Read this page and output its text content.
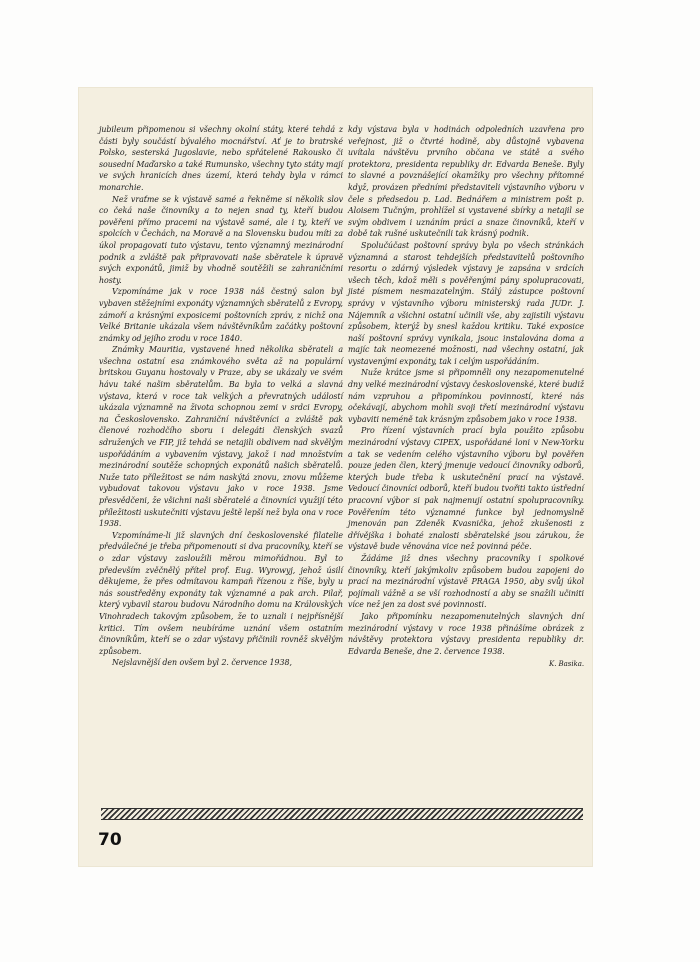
jubileum připomenou si všechny okolní státy, které tehdá z části byly součástí bývalého mocnářství. Ať je to bratrské Polsko, sesterská Jugoslavie, nebo spřátelené Rakousko či sousední Maďarsko a také Rumunsko, všechny tyto státy mají ve svých hranicích dnes území, která tehdy byla v rámci monarchie.

Než vraťme se k výstavě samé a řekněme si několik slov co čeká naše činovníky a to nejen snad ty, kteří budou pověřeni přímo pracemi na výstavě samé, ale i ty, kteří ve spolcích v Čechách, na Moravě a na Slovensku budou míti za úkol propagovati tuto výstavu, tento významný mezinárodní podnik a zvláště pak připravovati naše sběratele k úpravě svých exponátů, jimiž by vhodně soutěžili se zahraničními hosty.

Vzpomínáme jak v roce 1938 náš čestný salon byl vybaven stěžejními exponáty významných sběratelů z Evropy, zámoří a krásnými exposicemi poštovních zpráv, z nichž ona Velké Britanie ukázala všem návštěvníkům začátky poštovní známky od jejího zrodu v roce 1840.

Známky Mauritia, vystavené hned několika sběrateli a všechna ostatní esa známkového světa až na populární britskou Guyanu hostovaly v Praze, aby se ukázaly ve svém hávu také našim sběratelům. Ba byla to velká a slavná výstava, která v roce tak velkých a převratných událostí ukázala významně na života schopnou zemi v srdci Evropy, na Československo. Zahraniční návštěvníci a zvláště pak členové rozhodčího sboru i delegáti členských svazů sdružených ve FIP, již tehdá se netajili obdivem nad skvělým uspořádáním a vybavením výstavy, jakož i nad množstvím mezinárodní soutěže schopných exponátů našich sběratelů. Nuže tato příležitost se nám naskýtá znovu, znovu můžeme vybudovat takovou výstavu jako v roce 1938. Jsme přesvědčeni, že všichni naši sběratelé a činovníci využijí této příležitosti uskutečniti výstavu ještě lepší než byla ona v roce 1938.

Vzpomínáme-li již slavných dní československé filatelie předválečné je třeba připomenouti si dva pracovníky, kteří se o zdar výstavy zasloužili měrou mimořádnou. Byl to především zvěčnělý přítel prof. Eug. Wyrowyj, jehož úsilí děkujeme, že přes odmítavou kampaň řízenou z říše, byly u nás soustředěny exponáty tak významné a pak arch. Pilař, který vybavil starou budovu Národního domu na Královských Vinohradech takovým způsobem, že to uznali i nejpřísnější kritici. Tím ovšem neubíráme uznání všem ostatním činovníkům, kteří se o zdar výstavy přičinili rovněž skvělým způsobem.

Nejslavnější den ovšem byl 2. července 1938,

kdy výstava byla v hodinách odpoledních uzavřena pro veřejnost, již o čtvrté hodině, aby důstojně vybavena uvítala návštěvu prvního občana ve státě a svého protektora, presidenta republiky dr. Edvarda Beneše. Byly to slavné a povznášející okamžiky pro všechny přítomné když, provázen předními představiteli výstavního výboru v čele s předsedou p. Lad. Bednářem a ministrem pošt p. Aloisem Tučným, prohlížel si vystavené sbírky a netajil se svým obdivem i uznáním práci a snaze činovníků, kteří v době tak rušné uskutečnili tak krásný podnik.

Spolučúčast poštovní správy byla po všech stránkách významná a starost tehdejších představitelů poštovního resortu o zdárný výsledek výstavy je zapsána v srdcích všech těch, kdož měli s pověřenými pány spolupracovati, jisté písmem nesmazatelným. Stálý zástupce poštovní správy v výstavního výboru ministerský rada JUDr. J. Nájemník a všichni ostatní učinili vše, aby zajistili výstavu způsobem, kterýž by snesl každou kritiku. Také exposice naší poštovní správy vynikala, jsouc instalována doma a majíc tak neomezené možnosti, nad všechny ostatní, jak vystavenými exponáty, tak i celým uspořádáním.

Nuže krátce jsme si připomněli ony nezapomenutelné dny velké mezinárodní výstavy československé, které budiž nám vzpruhou a připomínkou povinností, které nás očekávají, abychom mohli svoji třetí mezinárodní výstavu vybaviti neméně tak krásným způsobem jako v roce 1938.

Pro řízení výstavních prací byla použito způsobu mezinárodní výstavy CIPEX, uspořádané loni v New-Yorku a tak se vedením celého výstavního výboru byl pověřen pouze jeden člen, který jmenuje vedoucí činovníky odborů, kterých bude třeba k uskutečnění prací na výstavě. Vedoucí činovníci odborů, kteří budou tvořiti takto ústřední pracovní výbor si pak najmenují ostatní spolupracovníky. Pověřením této významné funkce byl jednomyslně jmenován pan Zdeněk Kvasnička, jehož zkušenosti z dřívějška i bohaté znalosti sběratelské jsou zárukou, že výstavě bude věnována vice než povinná péče.

Žádáme již dnes všechny pracovníky i spolkové činovníky, kteří jakýmkoliv způsobem budou zapojeni do prací na mezinárodní výstavě PRAGA 1950, aby svůj úkol pojímali vážně a se vší rozhodností a aby se snažili učiniti více než jen za dost své povinnosti.

Jako připomínku nezapomenutelných slavných dní mezinárodní výstavy v roce 1938 přinášíme obrázek z návštěvy protektora výstavy presidenta republiky dr. Edvarda Beneše, dne 2. července 1938.

K. Basika.
70
